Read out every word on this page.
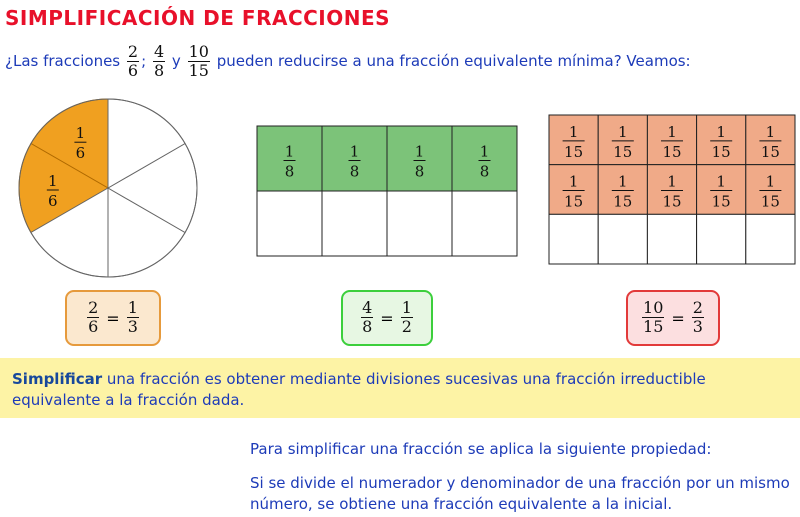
SIMPLIFICACIÓN DE FRACCIONES
¿Las fracciones $\frac{2}{6}$ ; $\frac{4}{8}$ y $\frac{10}{15}$ pueden reducirse a una fracción equivalente mínima? Veamos:
1
6
1
6
1
8
1
8
1
8
1
8
1
15
1
15
1
15
1
15
1
15
1
15
1
15
1
15
1
15
1
15
$\frac{2}{6} = \frac{1}{3}$	$\frac{4}{8} = \frac{1}{2}$	$\frac{10}{15} = \frac{2}{3}$

Simplificar una fracción es obtener mediante divisiones sucesivas una fracción irreductible equivalente a la fracción dada.

Para simplificar una fracción se aplica la siguiente propiedad:

Si se divide el numerador y denominador de una fracción por un mismo número, se obtiene una fracción equivalente a la inicial.
